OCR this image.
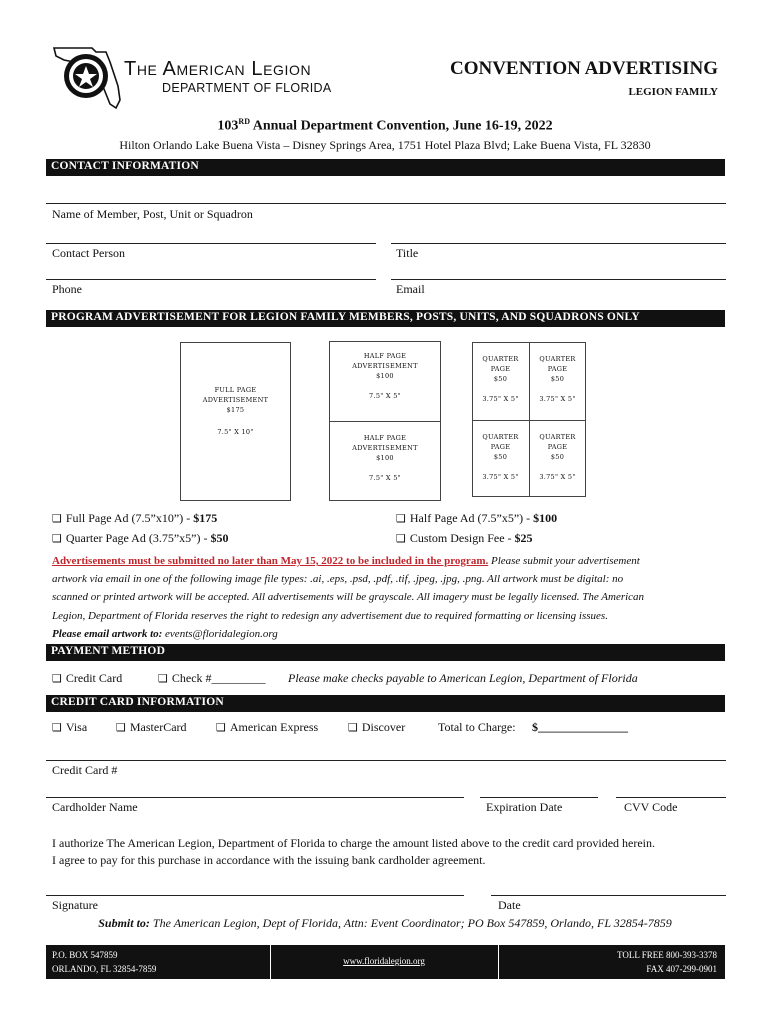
The American Legion
DEPARTMENT OF FLORIDA
CONVENTION ADVERTISING
LEGION FAMILY
103RD Annual Department Convention, June 16-19, 2022
Hilton Orlando Lake Buena Vista – Disney Springs Area, 1751 Hotel Plaza Blvd; Lake Buena Vista, FL 32830
CONTACT INFORMATION
Name of Member, Post, Unit or Squadron
Contact Person	Title
Phone	Email
PROGRAM ADVERTISEMENT FOR LEGION FAMILY MEMBERS, POSTS, UNITS, AND SQUADRONS ONLY
FULL PAGE
ADVERTISEMENT
$175
7.5" X 10"
HALF PAGE
ADVERTISEMENT
$100
7.5" X 5"
HALF PAGE
ADVERTISEMENT
$100
7.5" X 5"
QUARTER
PAGE
$50
3.75" X 5"
QUARTER
PAGE
$50
3.75" X 5"
QUARTER
PAGE
$50
3.75" X 5"
QUARTER
PAGE
$50
3.75" X 5"
❑ Full Page Ad (7.5”x10”) - $175	❑ Half Page Ad (7.5”x5”) - $100
❑ Quarter Page Ad (3.75”x5”) - $50	❑ Custom Design Fee - $25
Advertisements must be submitted no later than May 15, 2022 to be included in the program. Please submit your advertisement
artwork via email in one of the following image file types: .ai, .eps, .psd, .pdf, .tif, .jpeg, .jpg, .png. All artwork must be digital: no
scanned or printed artwork will be accepted. All advertisements will be grayscale. All imagery must be legally licensed. The American
Legion, Department of Florida reserves the right to redesign any advertisement due to required formatting or licensing issues.
Please email artwork to: events@floridalegion.org
PAYMENT METHOD
❑ Credit Card	❑ Check #_________ Please make checks payable to American Legion, Department of Florida
CREDIT CARD INFORMATION
❑ Visa	❑ MasterCard	❑ American Express	❑ Discover	Total to Charge: $_______________
Credit Card #
Cardholder Name	Expiration Date	CVV Code
I authorize The American Legion, Department of Florida to charge the amount listed above to the credit card provided herein.
I agree to pay for this purchase in accordance with the issuing bank cardholder agreement.
Signature	Date
Submit to: The American Legion, Dept of Florida, Attn: Event Coordinator; PO Box 547859, Orlando, FL 32854-7859
P.O. BOX 547859
ORLANDO, FL 32854-7859
www.floridalegion.org
TOLL FREE 800-393-3378
FAX 407-299-0901
